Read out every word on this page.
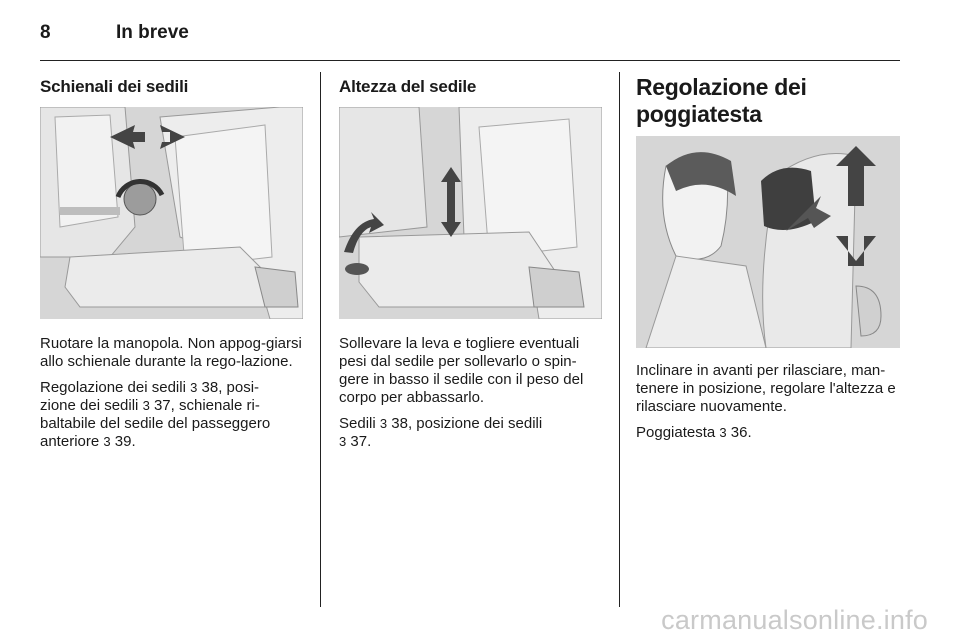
8	In breve
Schienali dei sedili

Ruotare la manopola. Non appog-giarsi allo schienale durante la rego-lazione.

Regolazione dei sedili 3 38, posi-
zione dei sedili 3 37, schienale ri-
baltabile del sedile del passeggero
anteriore 3 39.

Altezza del sedile

Sollevare la leva e togliere eventuali pesi dal sedile per sollevarlo o spin-gere in basso il sedile con il peso del corpo per abbassarlo.

Sedili 3 38, posizione dei sedili
3 37.

Regolazione dei
poggiatesta

Inclinare in avanti per rilasciare, man-tenere in posizione, regolare l'altezza e rilasciare nuovamente.

Poggiatesta 3 36.

carmanualsonline.info
